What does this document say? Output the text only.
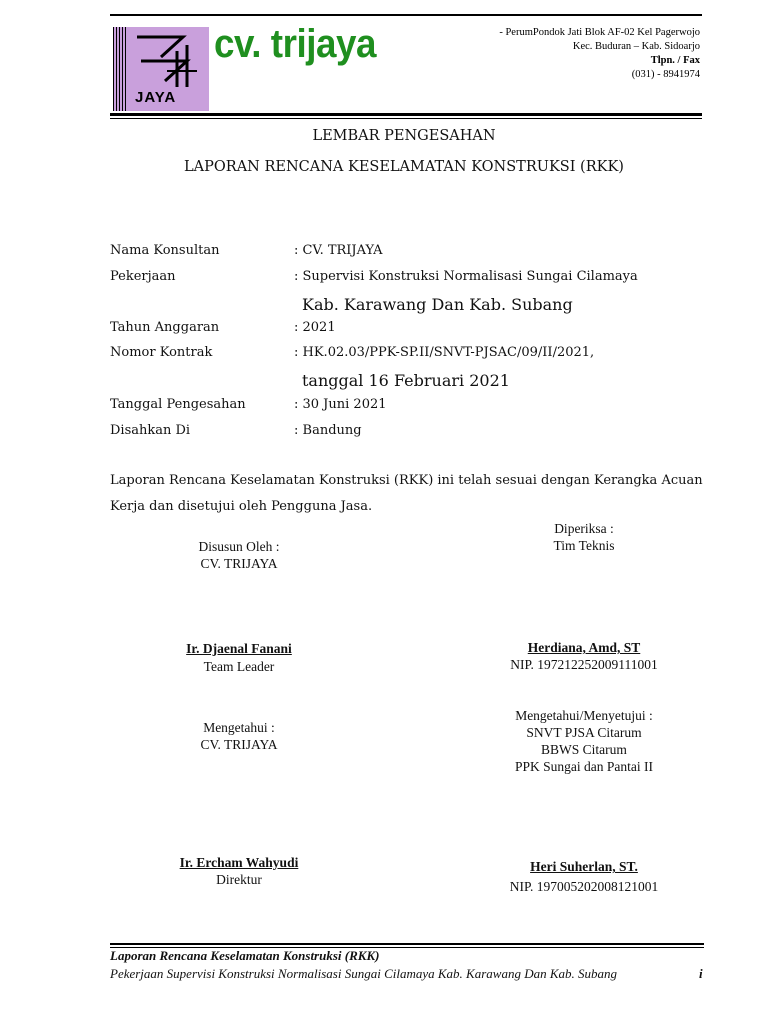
JAYA
cv. trijaya	- PerumPondok Jati Blok AF-02 Kel Pagerwojo
Kec. Buduran – Kab. Sidoarjo
Tlpn. / Fax
(031) - 8941974
LEMBAR PENGESAHAN
LAPORAN RENCANA KESELAMATAN KONSTRUKSI (RKK)
Nama Konsultan	: CV. TRIJAYA
Pekerjaan	: Supervisi Konstruksi Normalisasi Sungai Cilamaya
Kab. Karawang Dan Kab. Subang
Tahun Anggaran	: 2021
Nomor Kontrak	: HK.02.03/PPK-SP.II/SNVT-PJSAC/09/II/2021,
tanggal 16 Februari 2021
Tanggal Pengesahan	: 30 Juni 2021
Disahkan Di	: Bandung
Laporan Rencana Keselamatan Konstruksi (RKK) ini telah sesuai dengan Kerangka Acuan Kerja dan disetujui oleh Pengguna Jasa.
Diperiksa :
Tim Teknis
Disusun Oleh :
CV. TRIJAYA
Ir. Djaenal Fanani
Team Leader
Herdiana, Amd, ST
NIP. 197212252009111001
Mengetahui :
CV. TRIJAYA
Mengetahui/Menyetujui :
SNVT PJSA Citarum
BBWS Citarum
PPK Sungai dan Pantai II
Ir. Ercham Wahyudi
Direktur
Heri Suherlan, ST.
NIP. 197005202008121001
Laporan Rencana Keselamatan Konstruksi (RKK)
Pekerjaan Supervisi Konstruksi Normalisasi Sungai Cilamaya Kab. Karawang Dan Kab. Subang	i
